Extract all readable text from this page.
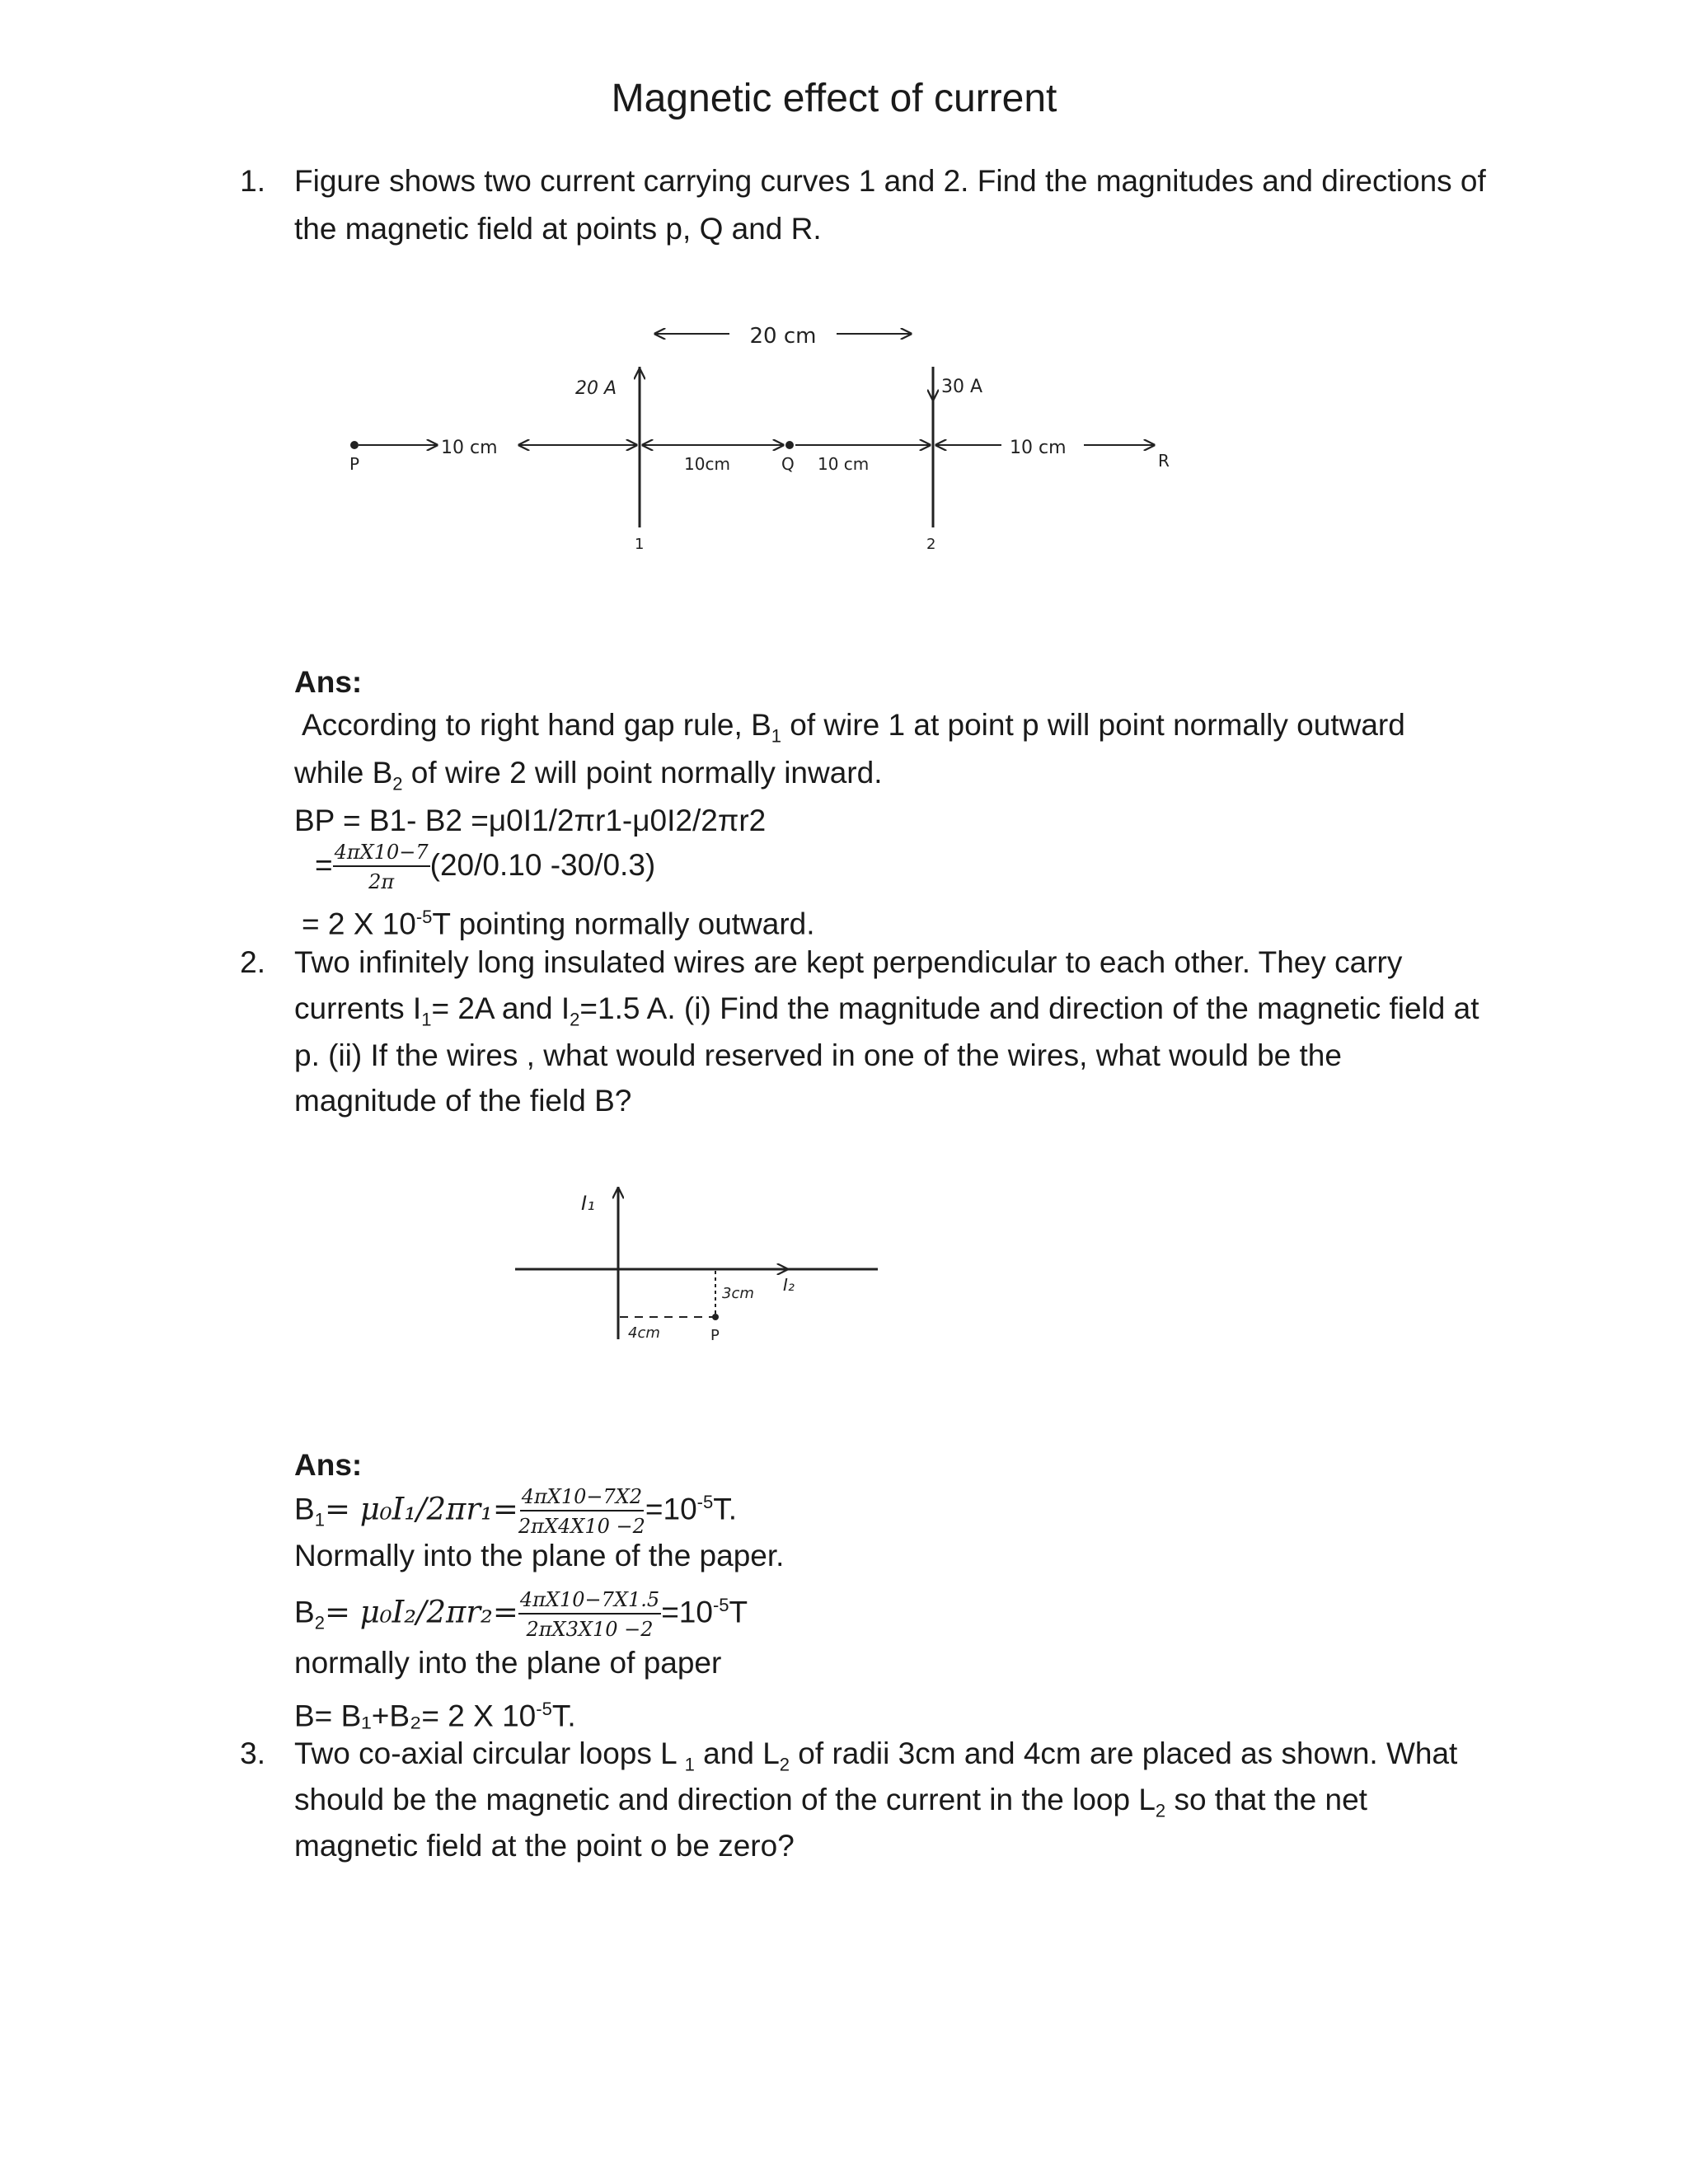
Magnetic effect of current
1. Figure shows two current carrying curves 1 and 2. Find the magnitudes and directions of
the magnetic field at points p, Q and R.
20 cm
20 A
1
30 A
2
P
10 cm
10cm	Q 10 cm
10 cm
R
Ans:
According to right hand gap rule, $B_1$ of wire 1 at point p will point normally outward
while $B_2$ of wire 2 will point normally inward.
BP = B1- B2 =μ0I1/2πr1-μ0I2/2πr2
= $\frac{4\pi X10-7}{2\pi} (20/0.10$ -30/0.3)
= 2 X $10^{-5}T$ pointing normally outward.
2. Two infinitely long insulated wires are kept perpendicular to each other. They carry
currents $I_1= 2A$ and $I_2=1.5$ A. (i) Find the magnitude and direction of the magnetic field at
p. (ii) If the wires , what would reserved in one of the wires, what would be the
magnitude of the field B?
I₁
I₂
3cm
4cm	P
Ans:
$B_1= \mu_0I_1/2\pi r_1= \frac{4\pi X10-7X2}{2\pi X4X10 -2} =10^{-5}T$.
Normally into the plane of the paper.
$B_2= \mu_0I_2/2\pi r_2= \frac{4\pi X10-7X1.5}{2\pi X3X10 -2} =10^{-5}T$
normally into the plane of paper
B= B₁+B₂= 2 X $10^{-5}T$.
3. Two co-axial circular loops L $_1$ and $L_2$ of radii 3cm and 4cm are placed as shown. What
should be the magnetic and direction of the current in the loop $L_2$ so that the net
magnetic field at the point o be zero?
